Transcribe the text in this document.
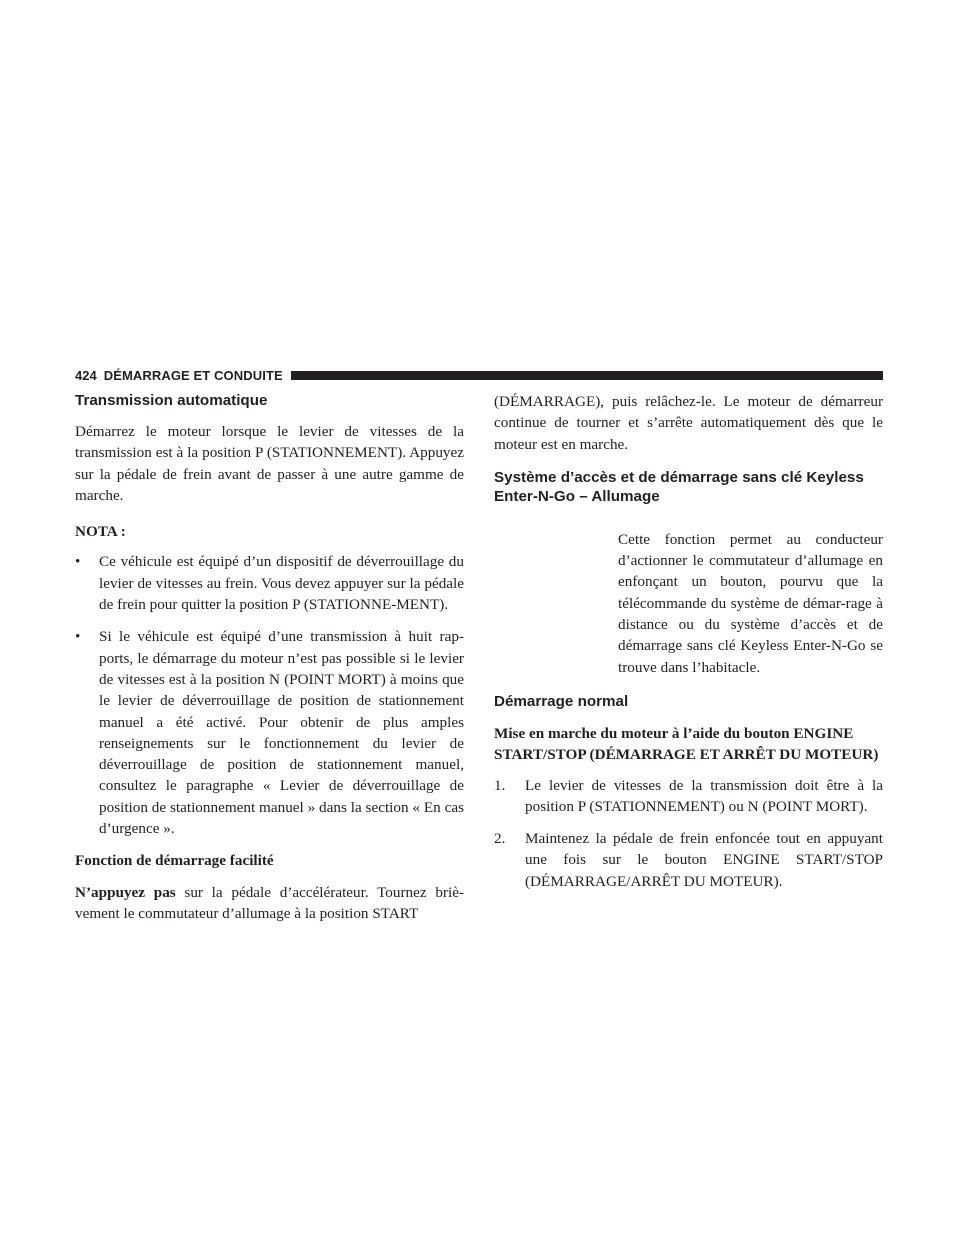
424 DÉMARRAGE ET CONDUITE
Transmission automatique

Démarrez le moteur lorsque le levier de vitesses de la transmission est à la position P (STATIONNEMENT). Appuyez sur la pédale de frein avant de passer à une autre gamme de marche.

NOTA :

• Ce véhicule est équipé d’un dispositif de déverrouillage du levier de vitesses au frein. Vous devez appuyer sur la pédale de frein pour quitter la position P (STATIONNE-MENT).

• Si le véhicule est équipé d’une transmission à huit rap-ports, le démarrage du moteur n’est pas possible si le levier de vitesses est à la position N (POINT MORT) à moins que le levier de déverrouillage de position de stationnement manuel a été activé. Pour obtenir de plus amples renseignements sur le fonctionnement du levier de déverrouillage de position de stationnement manuel, consultez le paragraphe « Levier de déverrouillage de position de stationnement manuel » dans la section « En cas d’urgence ».

Fonction de démarrage facilité

N’appuyez pas sur la pédale d’accélérateur. Tournez briè-vement le commutateur d’allumage à la position START

(DÉMARRAGE), puis relâchez-le. Le moteur de démarreur continue de tourner et s’arrête automatiquement dès que le moteur est en marche.

Système d’accès et de démarrage sans clé Keyless Enter-N-Go – Allumage

Cette fonction permet au conducteur d’actionner le commutateur d’allumage en enfonçant un bouton, pourvu que la télécommande du système de démar-rage à distance ou du système d’accès et de démarrage sans clé Keyless Enter-N-Go se trouve dans l’habitacle.

Démarrage normal

Mise en marche du moteur à l’aide du bouton ENGINE START/STOP (DÉMARRAGE ET ARRÊT DU MOTEUR)

1. Le levier de vitesses de la transmission doit être à la position P (STATIONNEMENT) ou N (POINT MORT).

2. Maintenez la pédale de frein enfoncée tout en appuyant une fois sur le bouton ENGINE START/STOP (DÉMARRAGE/ARRÊT DU MOTEUR).
